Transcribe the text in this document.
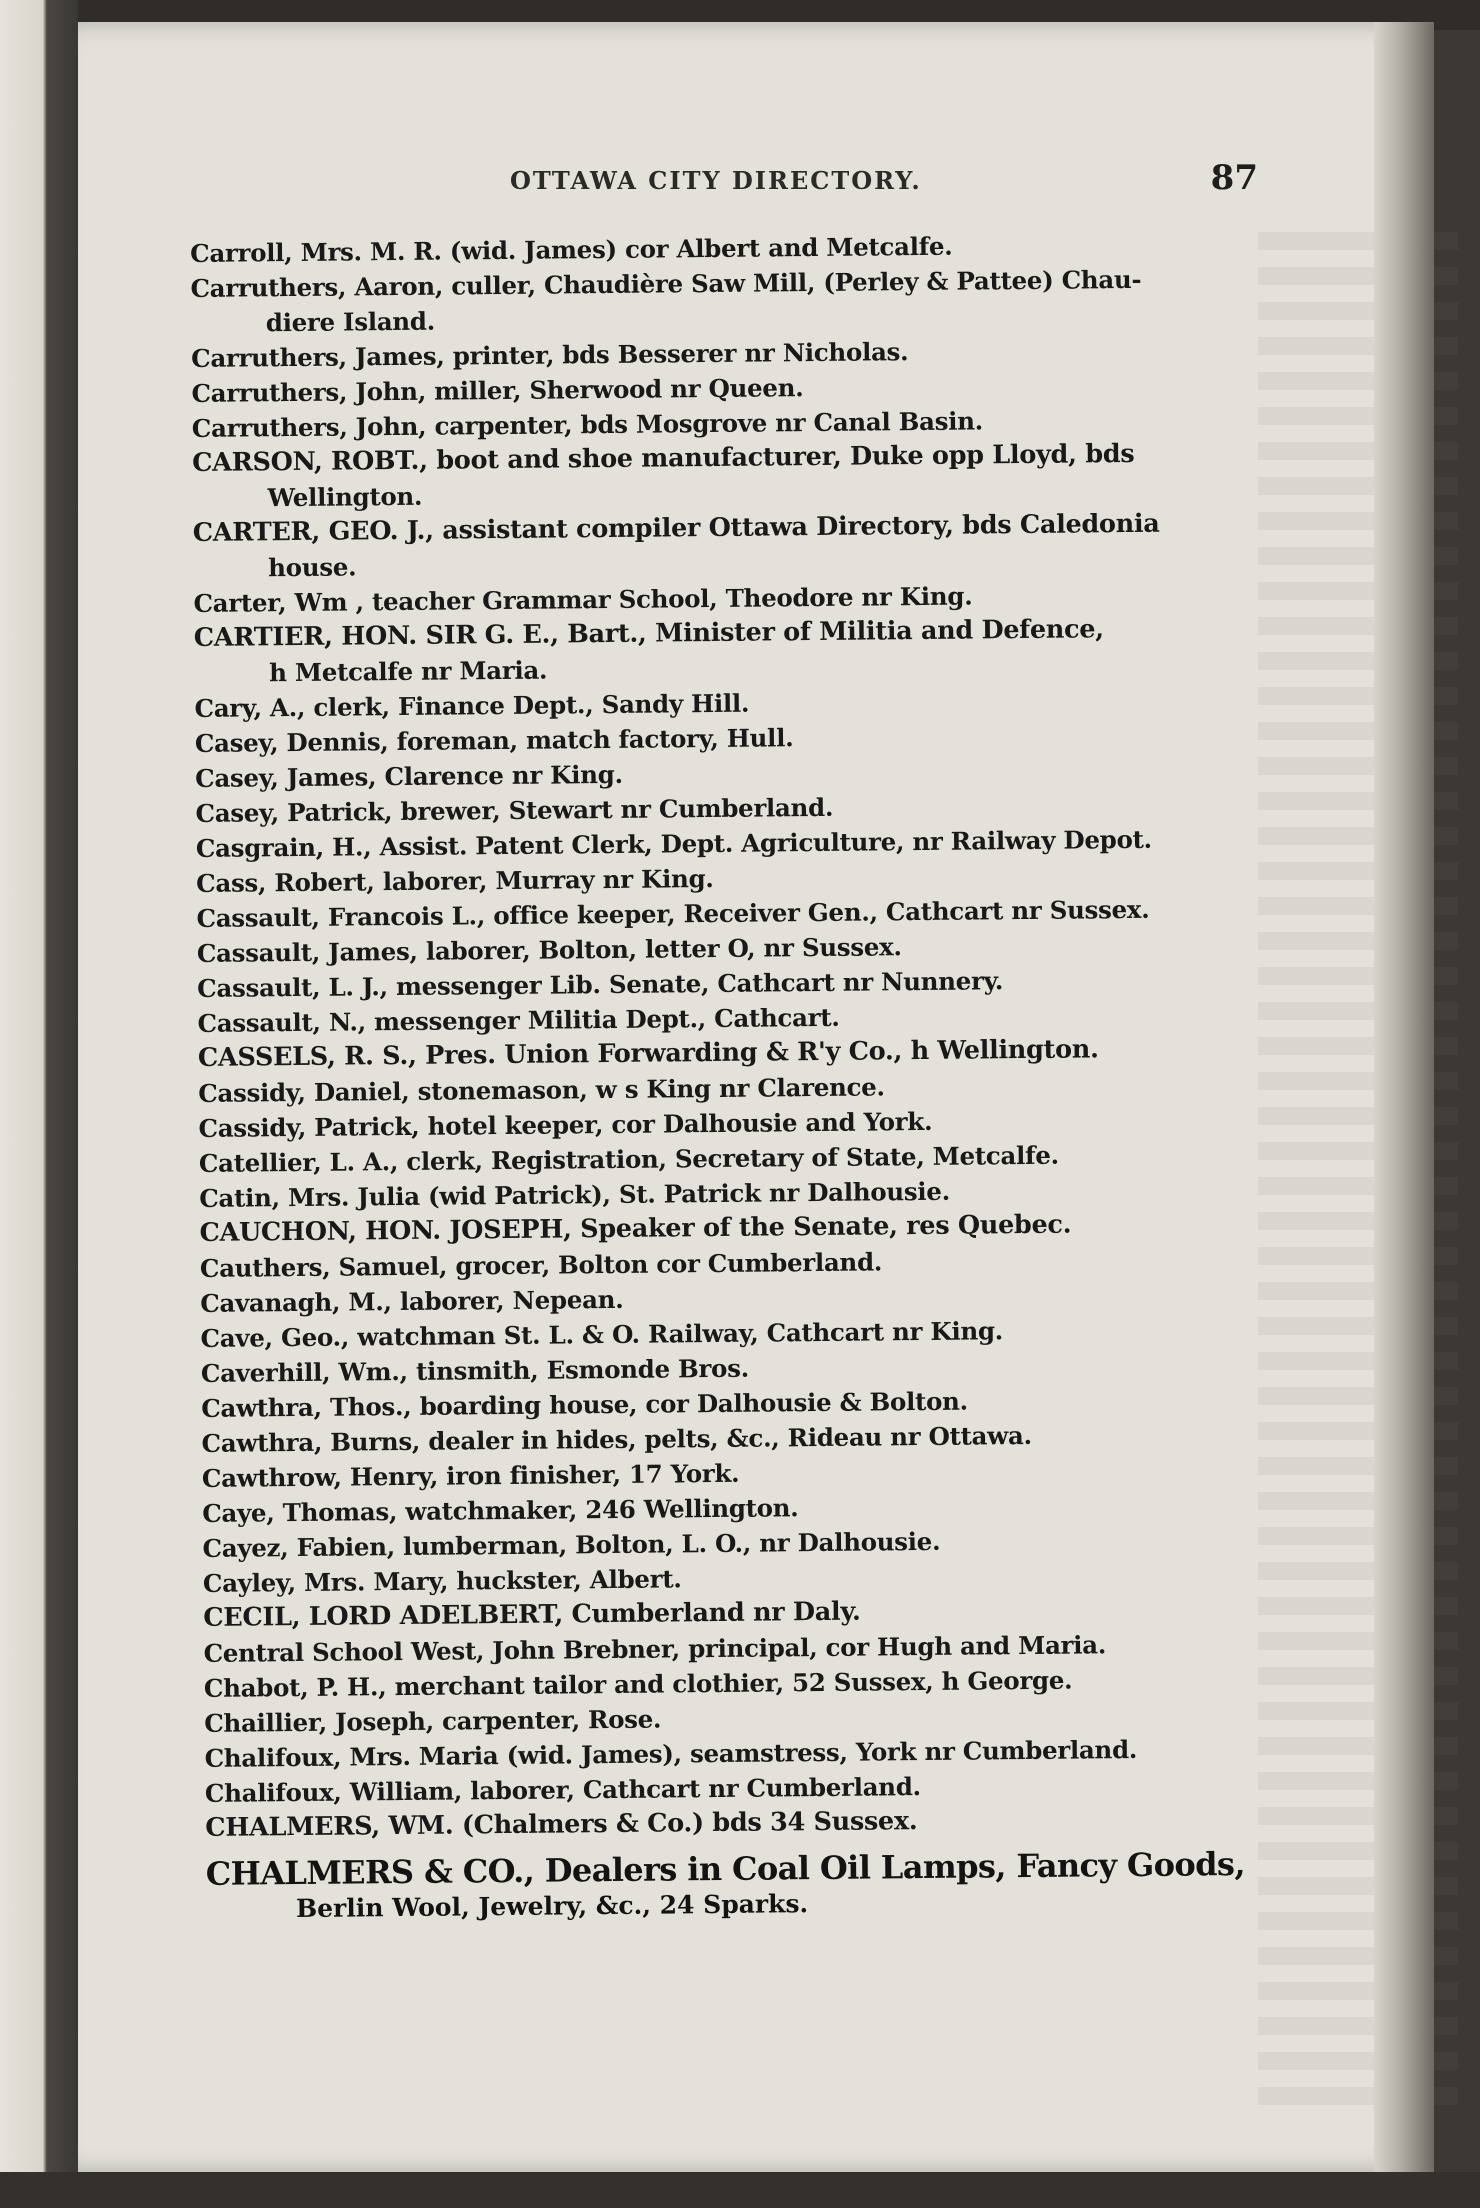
OTTAWA CITY DIRECTORY.	87
Carroll, Mrs. M. R. (wid. James) cor Albert and Metcalfe.
Carruthers, Aaron, culler, Chaudière Saw Mill, (Perley & Pattee) Chau-
diere Island.
Carruthers, James, printer, bds Besserer nr Nicholas.
Carruthers, John, miller, Sherwood nr Queen.
Carruthers, John, carpenter, bds Mosgrove nr Canal Basin.
CARSON, ROBT., boot and shoe manufacturer, Duke opp Lloyd, bds
Wellington.
CARTER, GEO. J., assistant compiler Ottawa Directory, bds Caledonia
house.
Carter, Wm , teacher Grammar School, Theodore nr King.
CARTIER, HON. SIR G. E., Bart., Minister of Militia and Defence,
h Metcalfe nr Maria.
Cary, A., clerk, Finance Dept., Sandy Hill.
Casey, Dennis, foreman, match factory, Hull.
Casey, James, Clarence nr King.
Casey, Patrick, brewer, Stewart nr Cumberland.
Casgrain, H., Assist. Patent Clerk, Dept. Agriculture, nr Railway Depot.
Cass, Robert, laborer, Murray nr King.
Cassault, Francois L., office keeper, Receiver Gen., Cathcart nr Sussex.
Cassault, James, laborer, Bolton, letter O, nr Sussex.
Cassault, L. J., messenger Lib. Senate, Cathcart nr Nunnery.
Cassault, N., messenger Militia Dept., Cathcart.
CASSELS, R. S., Pres. Union Forwarding & R'y Co., h Wellington.
Cassidy, Daniel, stonemason, w s King nr Clarence.
Cassidy, Patrick, hotel keeper, cor Dalhousie and York.
Catellier, L. A., clerk, Registration, Secretary of State, Metcalfe.
Catin, Mrs. Julia (wid Patrick), St. Patrick nr Dalhousie.
CAUCHON, HON. JOSEPH, Speaker of the Senate, res Quebec.
Cauthers, Samuel, grocer, Bolton cor Cumberland.
Cavanagh, M., laborer, Nepean.
Cave, Geo., watchman St. L. & O. Railway, Cathcart nr King.
Caverhill, Wm., tinsmith, Esmonde Bros.
Cawthra, Thos., boarding house, cor Dalhousie & Bolton.
Cawthra, Burns, dealer in hides, pelts, &c., Rideau nr Ottawa.
Cawthrow, Henry, iron finisher, 17 York.
Caye, Thomas, watchmaker, 246 Wellington.
Cayez, Fabien, lumberman, Bolton, L. O., nr Dalhousie.
Cayley, Mrs. Mary, huckster, Albert.
CECIL, LORD ADELBERT, Cumberland nr Daly.
Central School West, John Brebner, principal, cor Hugh and Maria.
Chabot, P. H., merchant tailor and clothier, 52 Sussex, h George.
Chaillier, Joseph, carpenter, Rose.
Chalifoux, Mrs. Maria (wid. James), seamstress, York nr Cumberland.
Chalifoux, William, laborer, Cathcart nr Cumberland.
CHALMERS, WM. (Chalmers & Co.) bds 34 Sussex.
CHALMERS & CO., Dealers in Coal Oil Lamps, Fancy Goods,
Berlin Wool, Jewelry, &c., 24 Sparks.
